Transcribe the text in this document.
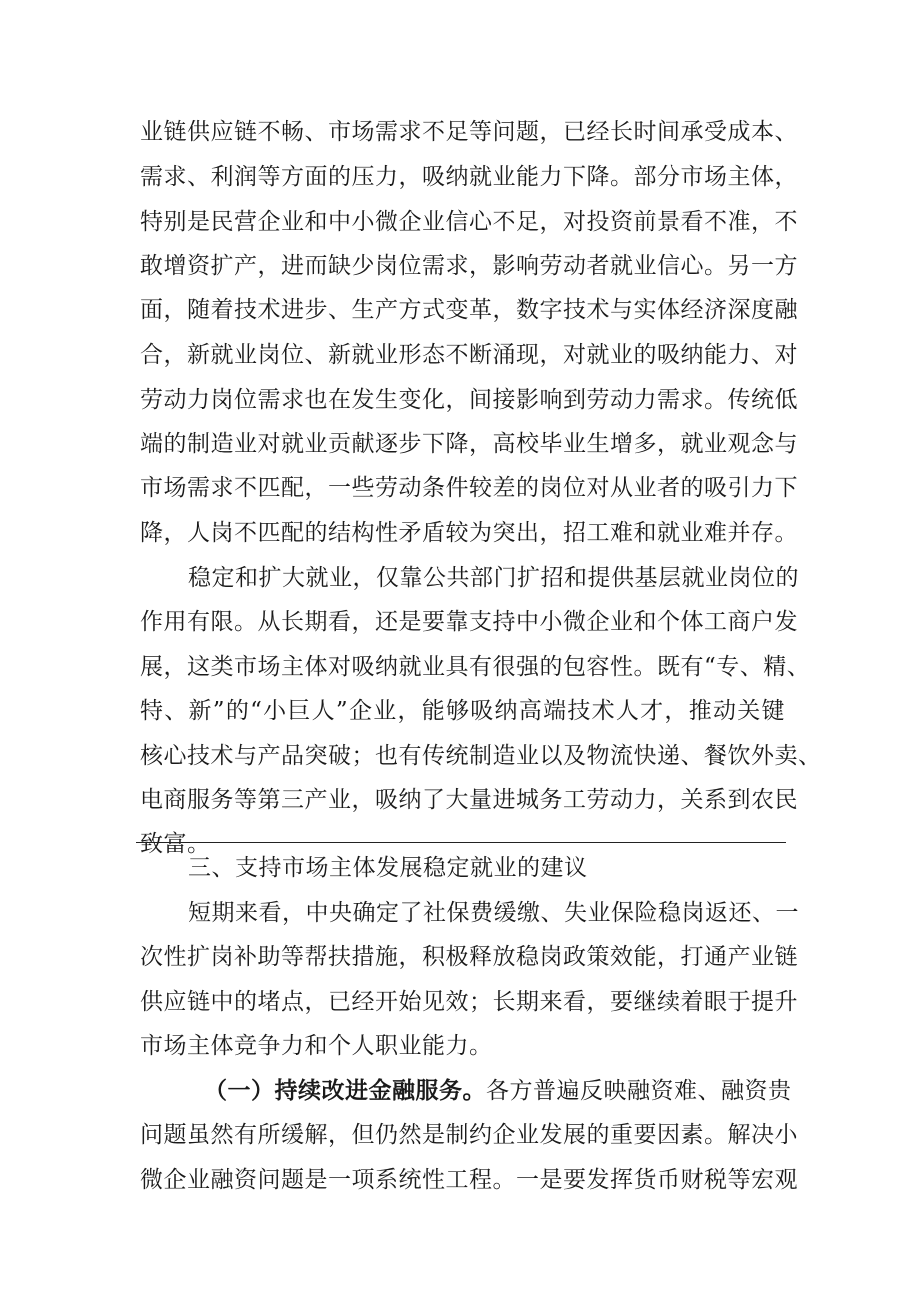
业链供应链不畅、市场需求不足等问题，已经长时间承受成本、
需求、利润等方面的压力，吸纳就业能力下降。部分市场主体，
特别是民营企业和中小微企业信心不足，对投资前景看不准，不
敢增资扩产，进而缺少岗位需求，影响劳动者就业信心。另一方
面，随着技术进步、生产方式变革，数字技术与实体经济深度融
合，新就业岗位、新就业形态不断涌现，对就业的吸纳能力、对
劳动力岗位需求也在发生变化，间接影响到劳动力需求。传统低
端的制造业对就业贡献逐步下降，高校毕业生增多，就业观念与
市场需求不匹配，一些劳动条件较差的岗位对从业者的吸引力下
降，人岗不匹配的结构性矛盾较为突出，招工难和就业难并存。
稳定和扩大就业，仅靠公共部门扩招和提供基层就业岗位的
作用有限。从长期看，还是要靠支持中小微企业和个体工商户发
展，这类市场主体对吸纳就业具有很强的包容性。既有“专、精、
特、新”的“小巨人”企业，能够吸纳高端技术人才，推动关键
核心技术与产品突破；也有传统制造业以及物流快递、餐饮外卖、
电商服务等第三产业，吸纳了大量进城务工劳动力，关系到农民
致富。
三、支持市场主体发展稳定就业的建议
短期来看，中央确定了社保费缓缴、失业保险稳岗返还、一
次性扩岗补助等帮扶措施，积极释放稳岗政策效能，打通产业链
供应链中的堵点，已经开始见效；长期来看，要继续着眼于提升
市场主体竞争力和个人职业能力。
（一）持续改进金融服务。各方普遍反映融资难、融资贵
问题虽然有所缓解，但仍然是制约企业发展的重要因素。解决小
微企业融资问题是一项系统性工程。一是要发挥货币财税等宏观
